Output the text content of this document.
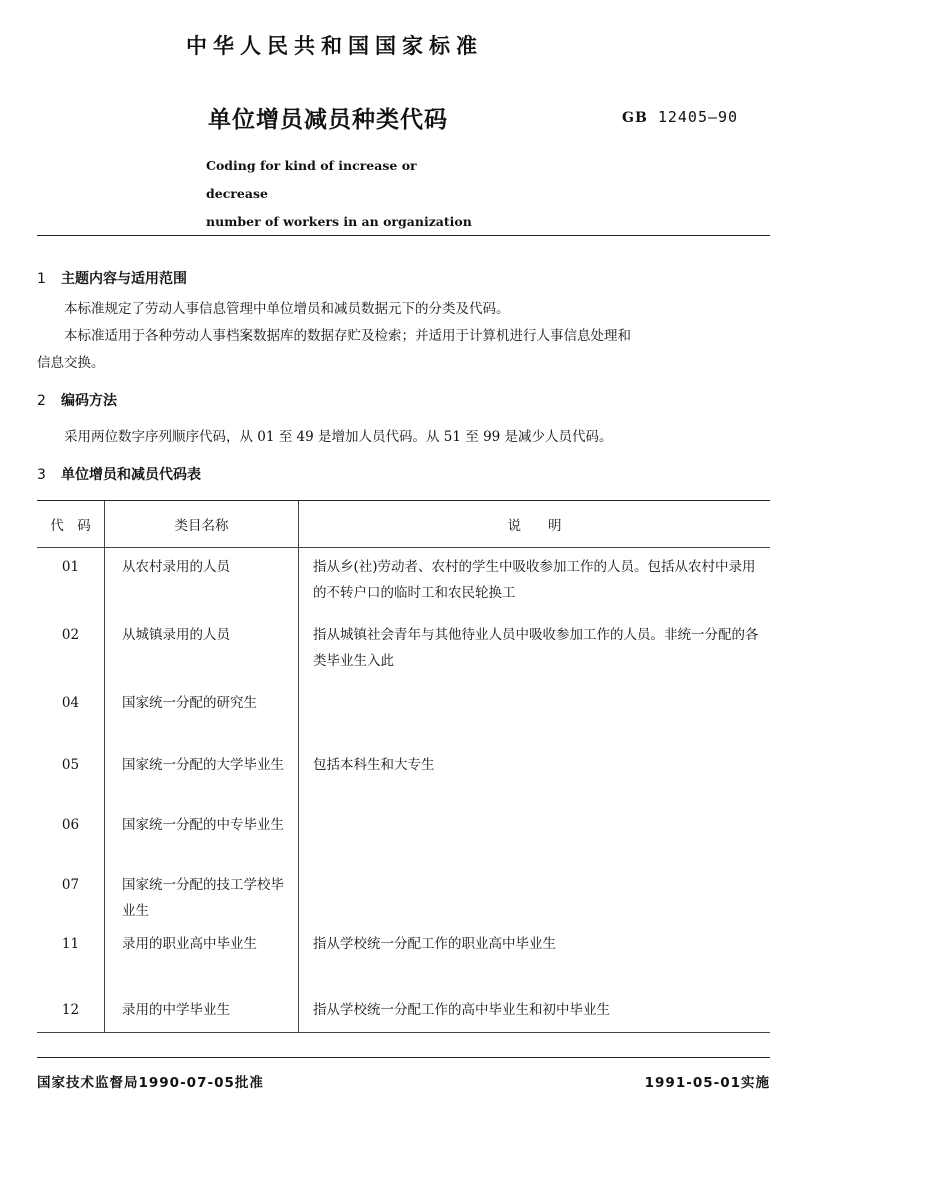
中华人民共和国国家标准
单位增员减员种类代码	GB 12405—90
Coding for kind of increase or decrease
number of workers in an organization
1 主题内容与适用范围
本标准规定了劳动人事信息管理中单位增员和减员数据元下的分类及代码。
本标准适用于各种劳动人事档案数据库的数据存贮及检索；并适用于计算机进行人事信息处理和
信息交换。
2 编码方法
采用两位数字序列顺序代码，从 01 至 49 是增加人员代码。从 51 至 99 是减少人员代码。
3 单位增员和减员代码表
代　码	类目名称	说　　明
01	从农村录用的人员	指从乡(社)劳动者、农村的学生中吸收参加工作的人员。包括从农村中录用的不转户口的临时工和农民轮换工
02	从城镇录用的人员	指从城镇社会青年与其他待业人员中吸收参加工作的人员。非统一分配的各类毕业生入此
04	国家统一分配的研究生	
05	国家统一分配的大学毕业生	包括本科生和大专生
06	国家统一分配的中专毕业生	
07	国家统一分配的技工学校毕业生	
11	录用的职业高中毕业生	指从学校统一分配工作的职业高中毕业生
12	录用的中学毕业生	指从学校统一分配工作的高中毕业生和初中毕业生
国家技术监督局1990-07-05批准	1991-05-01实施
